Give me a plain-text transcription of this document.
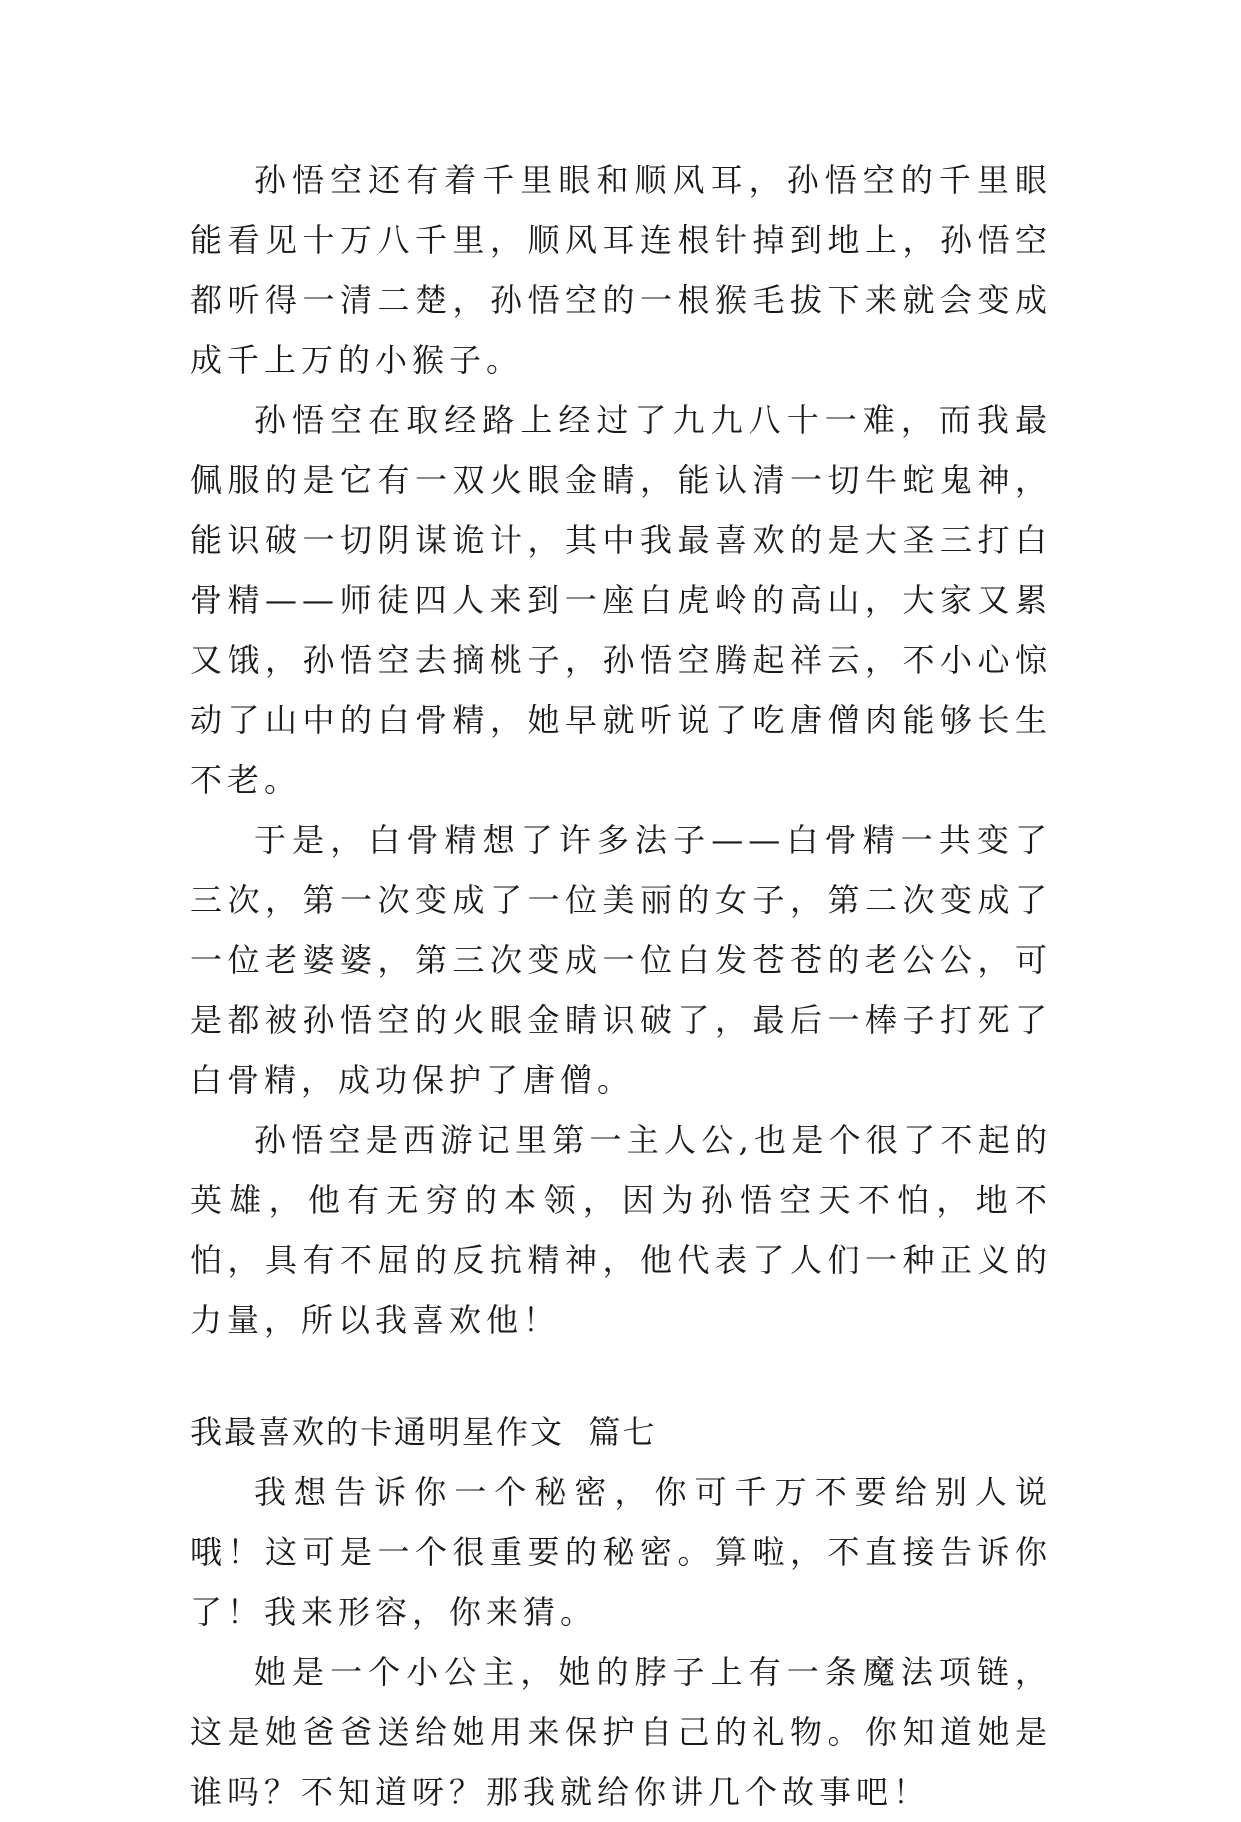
孙悟空还有着千里眼和顺风耳，孙悟空的千里眼能看见十万八千里，顺风耳连根针掉到地上，孙悟空都听得一清二楚，孙悟空的一根猴毛拔下来就会变成成千上万的小猴子。

孙悟空在取经路上经过了九九八十一难，而我最佩服的是它有一双火眼金睛，能认清一切牛蛇鬼神，能识破一切阴谋诡计，其中我最喜欢的是大圣三打白骨精——师徒四人来到一座白虎岭的高山，大家又累又饿，孙悟空去摘桃子，孙悟空腾起祥云，不小心惊动了山中的白骨精，她早就听说了吃唐僧肉能够长生不老。

于是，白骨精想了许多法子——白骨精一共变了三次，第一次变成了一位美丽的女子，第二次变成了一位老婆婆，第三次变成一位白发苍苍的老公公，可是都被孙悟空的火眼金睛识破了，最后一棒子打死了白骨精，成功保护了唐僧。

孙悟空是西游记里第一主人公,也是个很了不起的英雄，他有无穷的本领，因为孙悟空天不怕，地不怕，具有不屈的反抗精神，他代表了人们一种正义的力量，所以我喜欢他！

我最喜欢的卡通明星作文  篇七

我想告诉你一个秘密，你可千万不要给别人说哦！这可是一个很重要的秘密。算啦，不直接告诉你了！我来形容，你来猜。

她是一个小公主，她的脖子上有一条魔法项链，这是她爸爸送给她用来保护自己的礼物。你知道她是谁吗？不知道呀？那我就给你讲几个故事吧！
